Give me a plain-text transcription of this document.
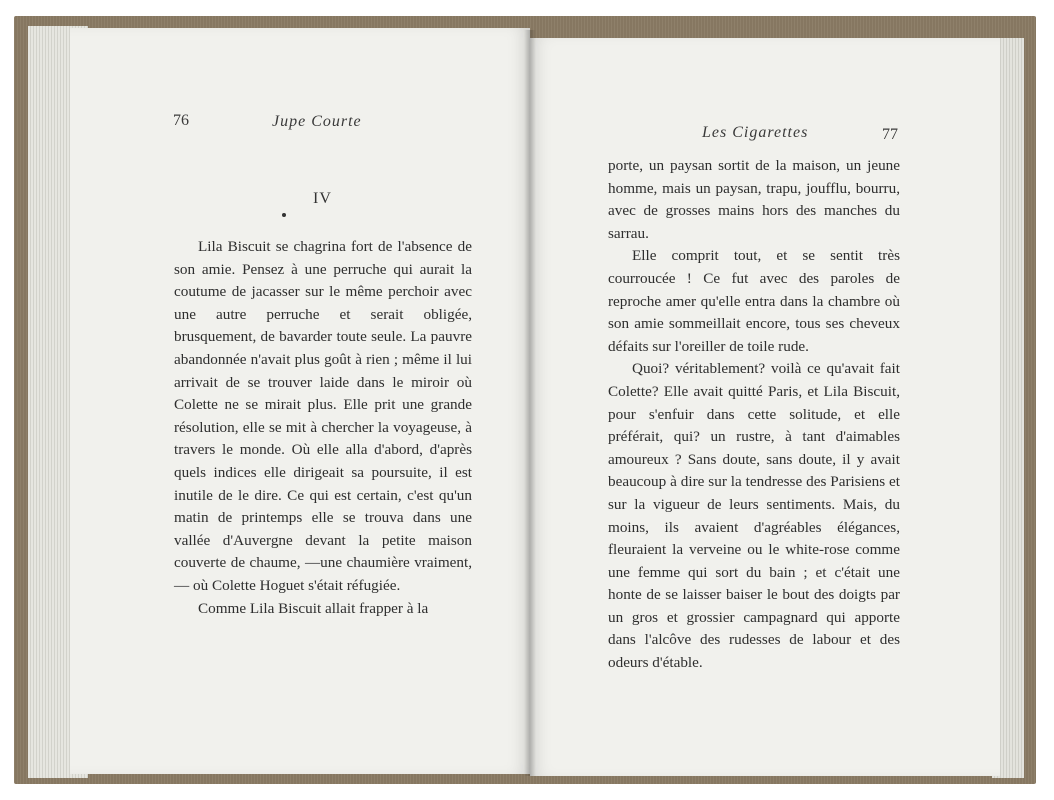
76	Jupe Courte
IV

Lila Biscuit se chagrina fort de l'absence de son amie. Pensez à une perruche qui aurait la coutume de jacasser sur le même perchoir avec une autre perruche et serait obligée, brusquement, de bavarder toute seule. La pauvre abandonnée n'avait plus goût à rien ; même il lui arrivait de se trouver laide dans le miroir où Colette ne se mirait plus. Elle prit une grande résolution, elle se mit à chercher la voyageuse, à travers le monde. Où elle alla d'abord, d'après quels indices elle dirigeait sa poursuite, il est inutile de le dire. Ce qui est certain, c'est qu'un matin de printemps elle se trouva dans une vallée d'Auvergne devant la petite maison couverte de chaume, —une chaumière vraiment, — où Colette Hoguet s'était réfugiée.

Comme Lila Biscuit allait frapper à la

Les Cigarettes	77

porte, un paysan sortit de la maison, un jeune homme, mais un paysan, trapu, joufflu, bourru, avec de grosses mains hors des manches du sarrau.

Elle comprit tout, et se sentit très courroucée ! Ce fut avec des paroles de reproche amer qu'elle entra dans la chambre où son amie sommeillait encore, tous ses cheveux défaits sur l'oreiller de toile rude.

Quoi? véritablement? voilà ce qu'avait fait Colette? Elle avait quitté Paris, et Lila Biscuit, pour s'enfuir dans cette solitude, et elle préférait, qui? un rustre, à tant d'aimables amoureux ? Sans doute, sans doute, il y avait beaucoup à dire sur la tendresse des Parisiens et sur la vigueur de leurs sentiments. Mais, du moins, ils avaient d'agréables élégances, fleuraient la verveine ou le white-rose comme une femme qui sort du bain ; et c'était une honte de se laisser baiser le bout des doigts par un gros et grossier campagnard qui apporte dans l'alcôve des rudesses de labour et des odeurs d'étable.
